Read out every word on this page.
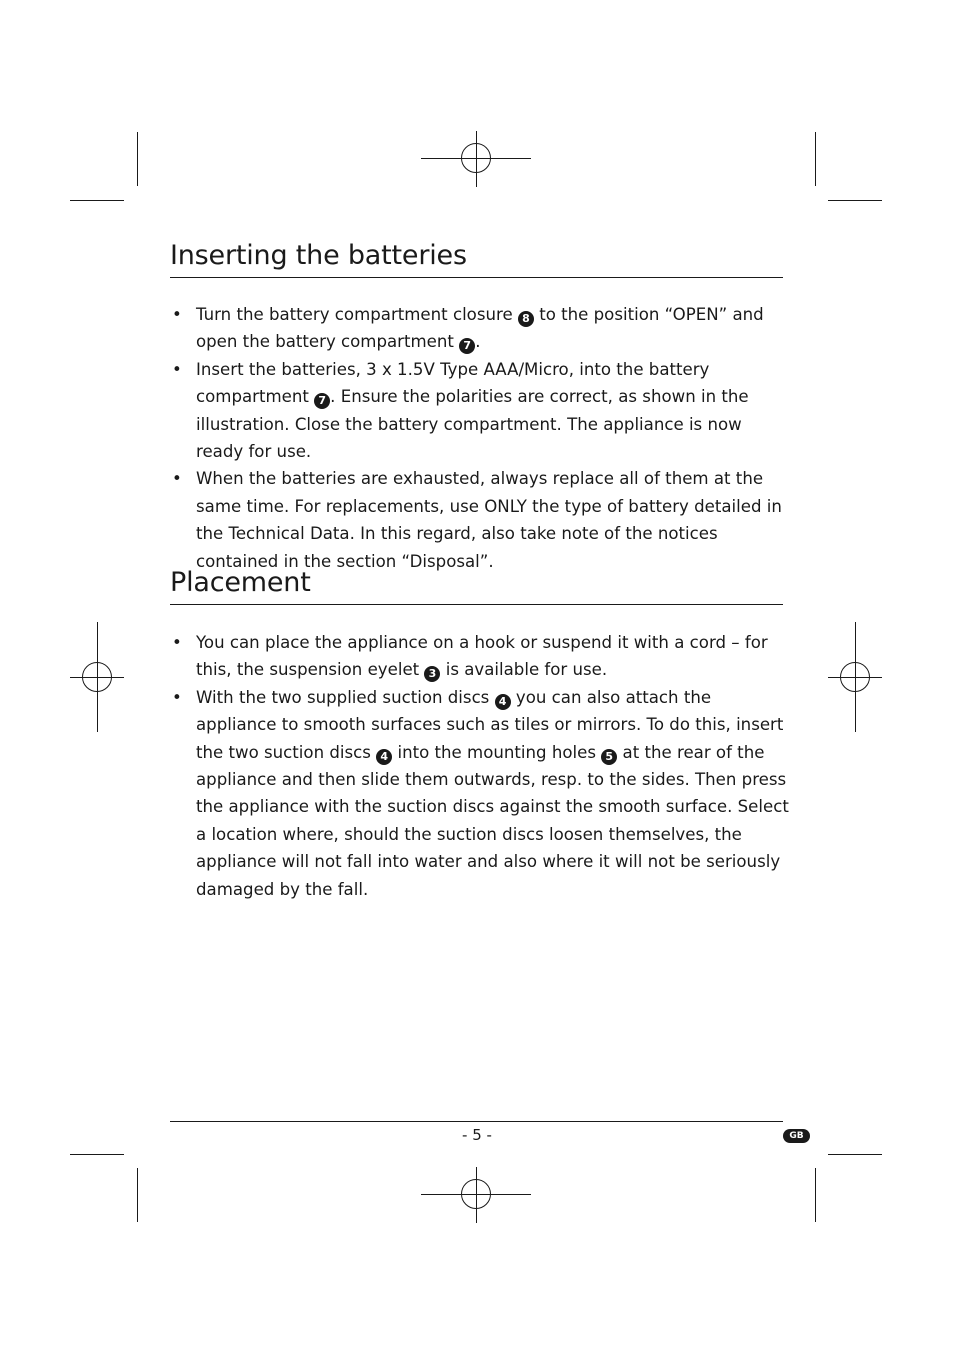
Inserting the batteries
• Turn the battery compartment closure 8 to the position “OPEN” and open the battery compartment 7 .
• Insert the batteries, 3 x 1.5V Type AAA/Micro, into the battery compartment 7 . Ensure the polarities are correct, as shown in the illustration. Close the battery compartment. The appliance is now ready for use.
• When the batteries are exhausted, always replace all of them at the same time. For replacements, use ONLY the type of battery detailed in the Technical Data. In this regard, also take note of the notices contained in the section “Disposal”.
Placement
• You can place the appliance on a hook or suspend it with a cord – for this, the suspension eyelet 3 is available for use.
• With the two supplied suction discs 4 you can also attach the appliance to smooth surfaces such as tiles or mirrors. To do this, insert the two suction discs 4 into the mounting holes 5 at the rear of the appliance and then slide them outwards, resp. to the sides. Then press the appliance with the suction discs against the smooth surface. Select a location where, should the suction discs loosen themselves, the appliance will not fall into water and also where it will not be seriously damaged by the fall.
- 5 -	GB
